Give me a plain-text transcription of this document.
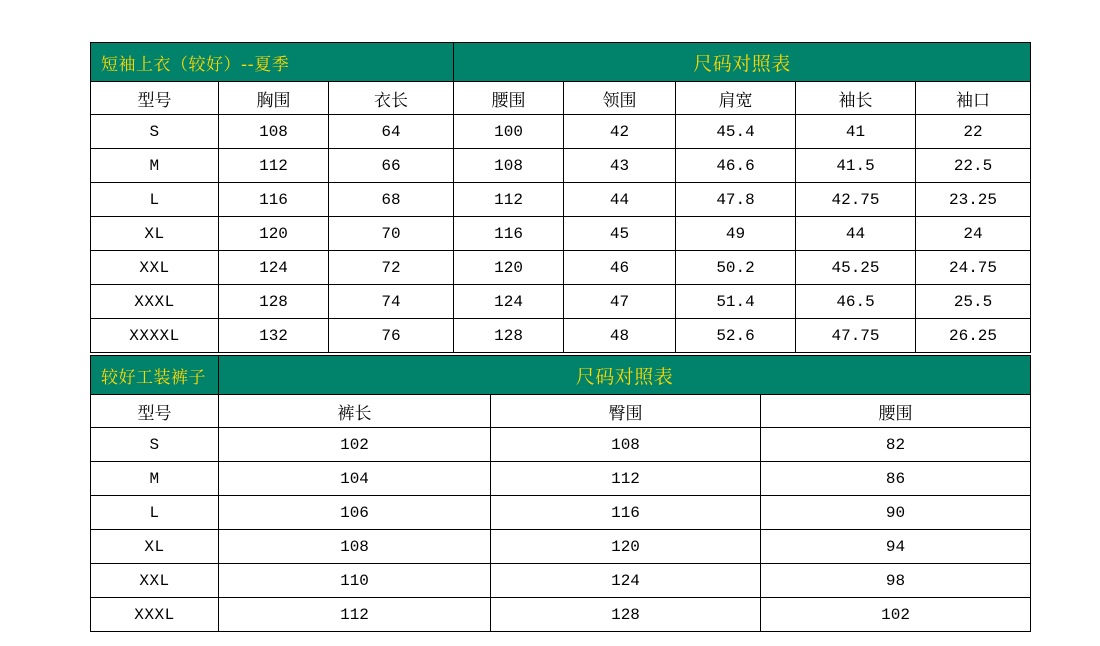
短袖上衣（较好）--夏季			尺码对照表				
型号	胸围	衣长	腰围	领围	肩宽	袖长	袖口
S	108	64	100	42	45.4	41	22
M	112	66	108	43	46.6	41.5	22.5
L	116	68	112	44	47.8	42.75	23.25
XL	120	70	116	45	49	44	24
XXL	124	72	120	46	50.2	45.25	24.75
XXXL	128	74	124	47	51.4	46.5	25.5
XXXXL	132	76	128	48	52.6	47.75	26.25
较好工装裤子	尺码对照表		
型号	裤长	臀围	腰围
S	102	108	82
M	104	112	86
L	106	116	90
XL	108	120	94
XXL	110	124	98
XXXL	112	128	102
